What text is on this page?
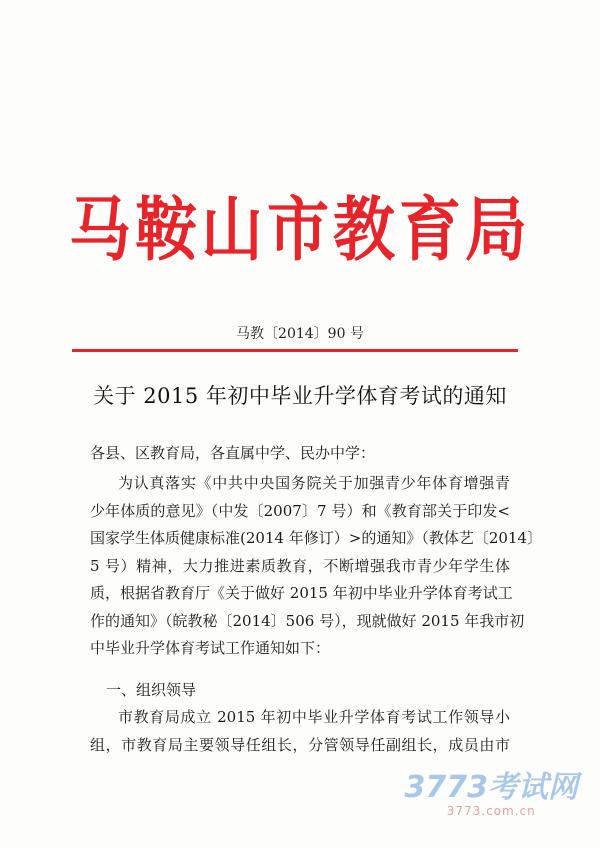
马鞍山市教育局
马教〔2014〕90 号
关于 2015 年初中毕业升学体育考试的通知
各县、区教育局，各直属中学、民办中学：
为认真落实《中共中央国务院关于加强青少年体育增强青
少年体质的意见》（中发〔2007〕7 号）和《教育部关于印发<
国家学生体质健康标准(2014 年修订）>的通知》（教体艺〔2014〕
5 号）精神，大力推进素质教育，不断增强我市青少年学生体
质，根据省教育厅《关于做好 2015 年初中毕业升学体育考试工
作的通知》（皖教秘〔2014〕506 号），现就做好 2015 年我市初
中毕业升学体育考试工作通知如下：
一、组织领导
市教育局成立 2015 年初中毕业升学体育考试工作领导小
组，市教育局主要领导任组长，分管领导任副组长，成员由市
3773考试网
3773.com.cn
